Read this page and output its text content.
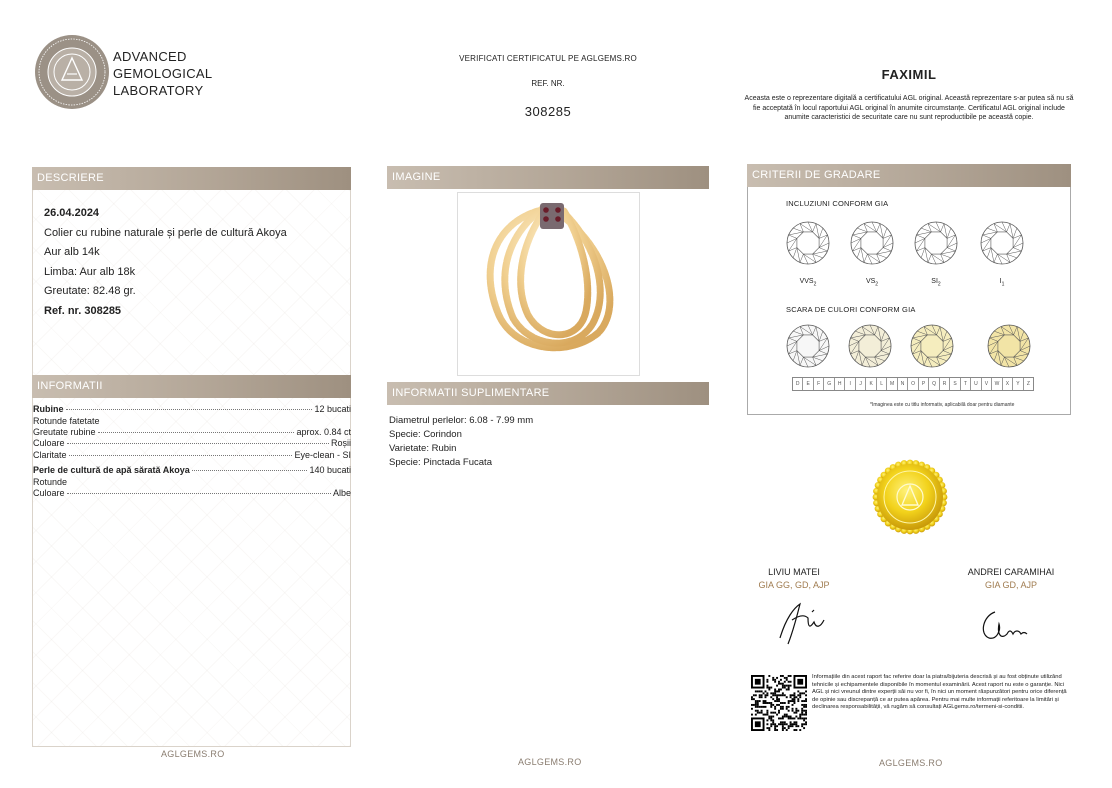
ADVANCED
GEMOLOGICAL
LABORATORY
VERIFICATI CERTIFICATUL PE AGLGEMS.RO
REF. NR.
308285
FAXIMIL
Aceasta este o reprezentare digitală a certificatului AGL original. Această reprezentare s-ar putea să nu să fie acceptată în locul raportului AGL original în anumite circumstanțe. Certificatul AGL original include anumite caracteristici de securitate care nu sunt reproductibile pe această copie.
DESCRIERE
26.04.2024
Colier cu rubine naturale și perle de cultură Akoya
Aur alb 14k
Limba: Aur alb 18k
Greutate: 82.48 gr.
Ref. nr. 308285
INFORMATII
Rubine	12 bucati
Rotunde fatetate
Greutate rubine	aprox. 0.84 ct
Culoare	Roșii
Claritate	Eye-clean - SI
Perle de cultură de apă sărată Akoya	140 bucati
Rotunde
Culoare	Albe
AGLGEMS.RO
IMAGINE
INFORMATII SUPLIMENTARE
Diametrul perlelor: 6.08 - 7.99 mm
Specie: Corindon
Varietate: Rubin
Specie: Pinctada Fucata
AGLGEMS.RO
CRITERII DE GRADARE
INCLUZIUNI CONFORM GIA
SCARA DE CULORI CONFORM GIA
$VVS_2$	$VS_2$	$SI_2$	$I_1$
D	E	F	G	H	I	J	K	L	M	N	O	P	Q	R	S	T	U	V	W	X	Y	Z
*Imaginea este cu titlu informativ, aplicabilă doar pentru diamante
LIVIU MATEI
GIA GG, GD, AJP
ANDREI CARAMIHAI
GIA GD, AJP
Informațiile din acest raport fac referire doar la piatra/bijuteria descrisă și au fost obținute utilizând tehnicile și echipamentele disponibile în momentul examinării. Acest raport nu este o garanție. Nici AGL și nici vreunul dintre experții săi nu vor fi, în nici un moment răspunzători pentru orice diferență de opinie sau discrepanță ce ar putea apărea. Pentru mai multe informații referitoare la limitări și declinarea responsabilității, vă rugăm să consultați AGLgems.ro/termeni-si-conditii.
AGLGEMS.RO
